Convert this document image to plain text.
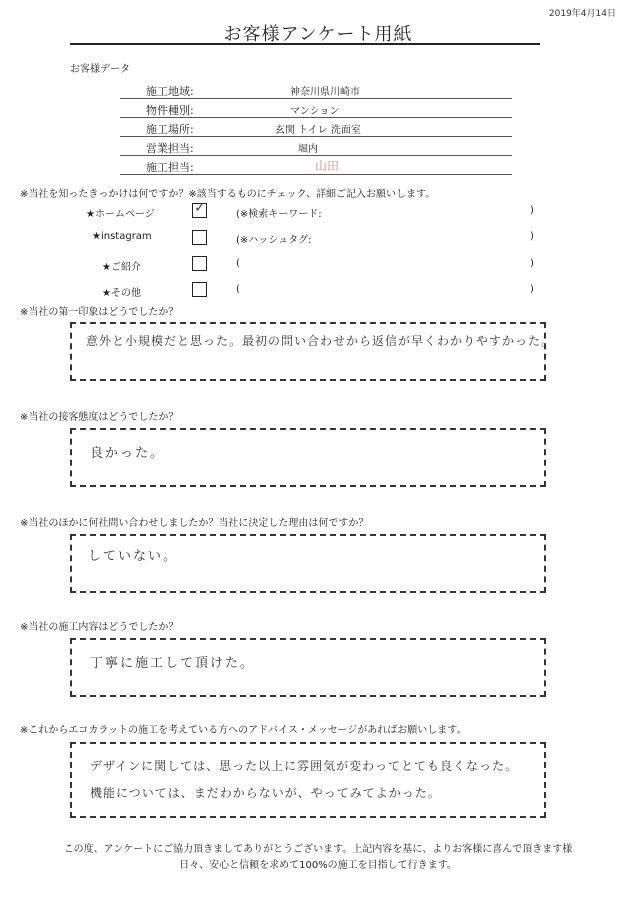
2019年4月14日
お客様アンケート用紙
お客様データ
施工地域:	神奈川県川崎市
物件種別:	マンション
施工場所:	玄関 トイレ 洗面室
営業担当:	堀内
施工担当:	山田
※当社を知ったきっかけは何ですか？※該当するものにチェック、詳細ご記入お願いします。
★ホームページ	✓	(※検索キーワード:	)
★instagram	(※ハッシュタグ:	)
★ご紹介	(	)
★その他	(	)
※当社の第一印象はどうでしたか？
意外と小規模だと思った。最初の問い合わせから返信が早くわかりやすかった。
※当社の接客態度はどうでしたか？
良かった。
※当社のほかに何社問い合わせしましたか？当社に決定した理由は何ですか？
していない。
※当社の施工内容はどうでしたか？
丁寧に施工して頂けた。
※これからエコカラットの施工を考えている方へのアドバイス・メッセージがあればお願いします。
デザインに関しては、思った以上に雰囲気が変わってとても良くなった。
機能については、まだわからないが、やってみてよかった。
この度、アンケートにご協力頂きましてありがとうございます。上記内容を基に、よりお客様に喜んで頂きます様
日々、安心と信頼を求めて100%の施工を目指して行きます。
